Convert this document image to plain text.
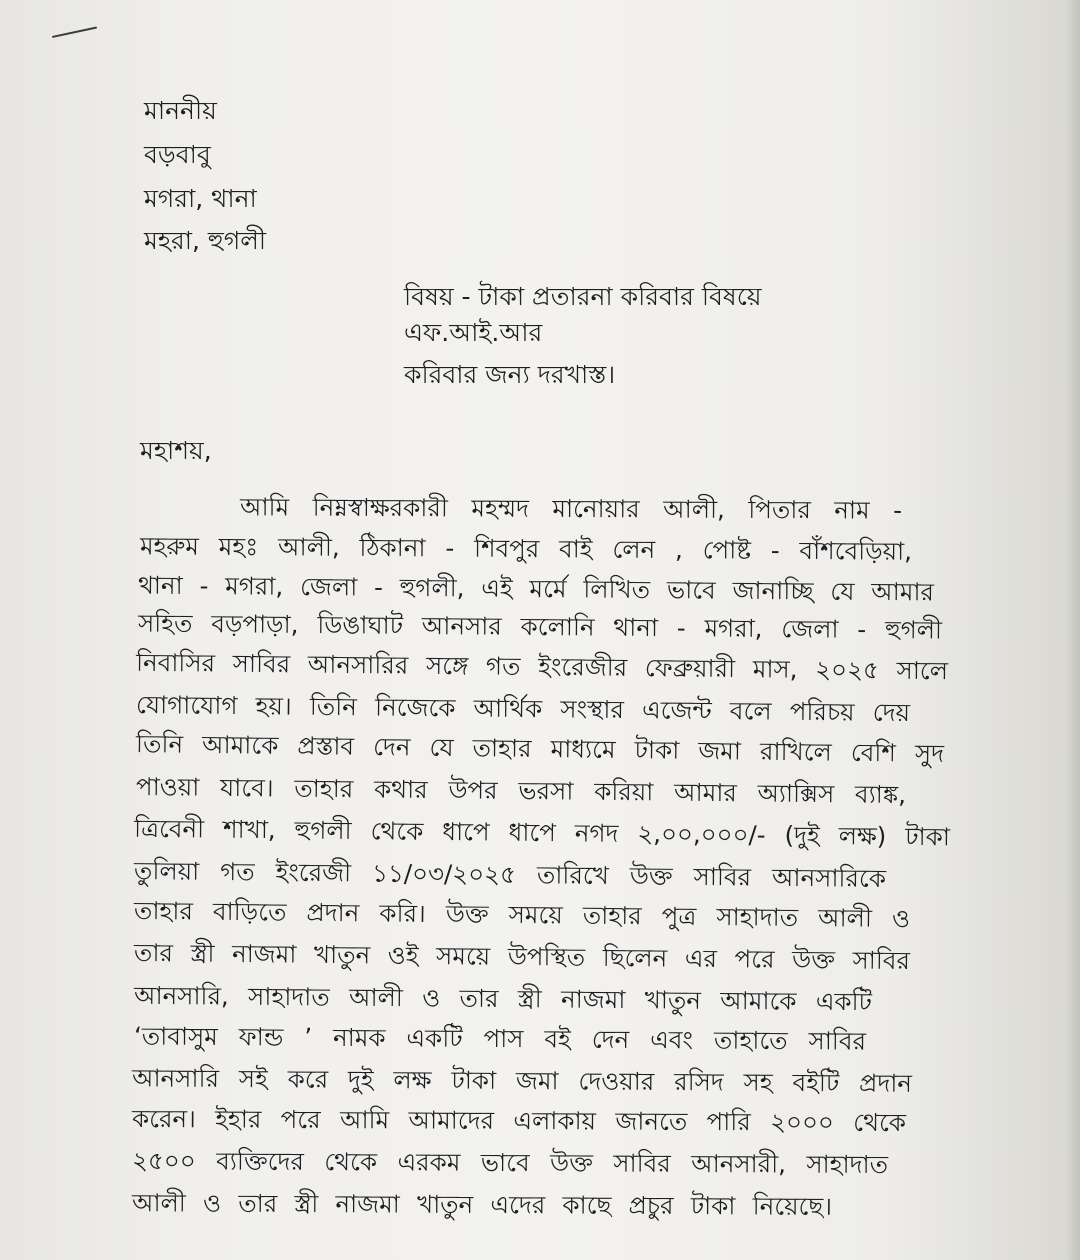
মাননীয়
বড়বাবু
মগরা, থানা
মহরা, হুগলী
বিষয় - টাকা প্রতারনা করিবার বিষয়ে
এফ.আই.আর
করিবার জন্য দরখাস্ত।
মহাশয়,
আমি নিম্নস্বাক্ষরকারী মহম্মদ মানোয়ার আলী, পিতার নাম -
মহরুম মহঃ আলী, ঠিকানা - শিবপুর বাই লেন , পোষ্ট - বাঁশবেড়িয়া,
থানা - মগরা, জেলা - হুগলী, এই মর্মে লিখিত ভাবে জানাচ্ছি যে আমার
সহিত বড়পাড়া, ডিঙাঘাট আনসার কলোনি থানা - মগরা, জেলা - হুগলী
নিবাসির সাবির আনসারির সঙ্গে গত ইংরেজীর ফেব্রুয়ারী মাস, ২০২৫ সালে
যোগাযোগ হয়। তিনি নিজেকে আর্থিক সংস্থার এজেন্ট বলে পরিচয় দেয়
তিনি আমাকে প্রস্তাব দেন যে তাহার মাধ্যমে টাকা জমা রাখিলে বেশি সুদ
পাওয়া যাবে। তাহার কথার উপর ভরসা করিয়া আমার অ্যাক্সিস ব্যাঙ্ক,
ত্রিবেনী শাখা, হুগলী থেকে ধাপে ধাপে নগদ ২,০০,০০০/- (দুই লক্ষ) টাকা
তুলিয়া গত ইংরেজী ১১/০৩/২০২৫ তারিখে উক্ত সাবির আনসারিকে
তাহার বাড়িতে প্রদান করি। উক্ত সময়ে তাহার পুত্র সাহাদাত আলী ও
তার স্ত্রী নাজমা খাতুন ওই সময়ে উপস্থিত ছিলেন এর পরে উক্ত সাবির
আনসারি, সাহাদাত আলী ও তার স্ত্রী নাজমা খাতুন আমাকে একটি
‘তাবাসুম ফান্ড ’ নামক একটি পাস বই দেন এবং তাহাতে সাবির
আনসারি সই করে দুই লক্ষ টাকা জমা দেওয়ার রসিদ সহ বইটি প্রদান
করেন। ইহার পরে আমি আমাদের এলাকায় জানতে পারি ২০০০ থেকে
২৫০০ ব্যক্তিদের থেকে এরকম ভাবে উক্ত সাবির আনসারী, সাহাদাত
আলী ও তার স্ত্রী নাজমা খাতুন এদের কাছে প্রচুর টাকা নিয়েছে।
